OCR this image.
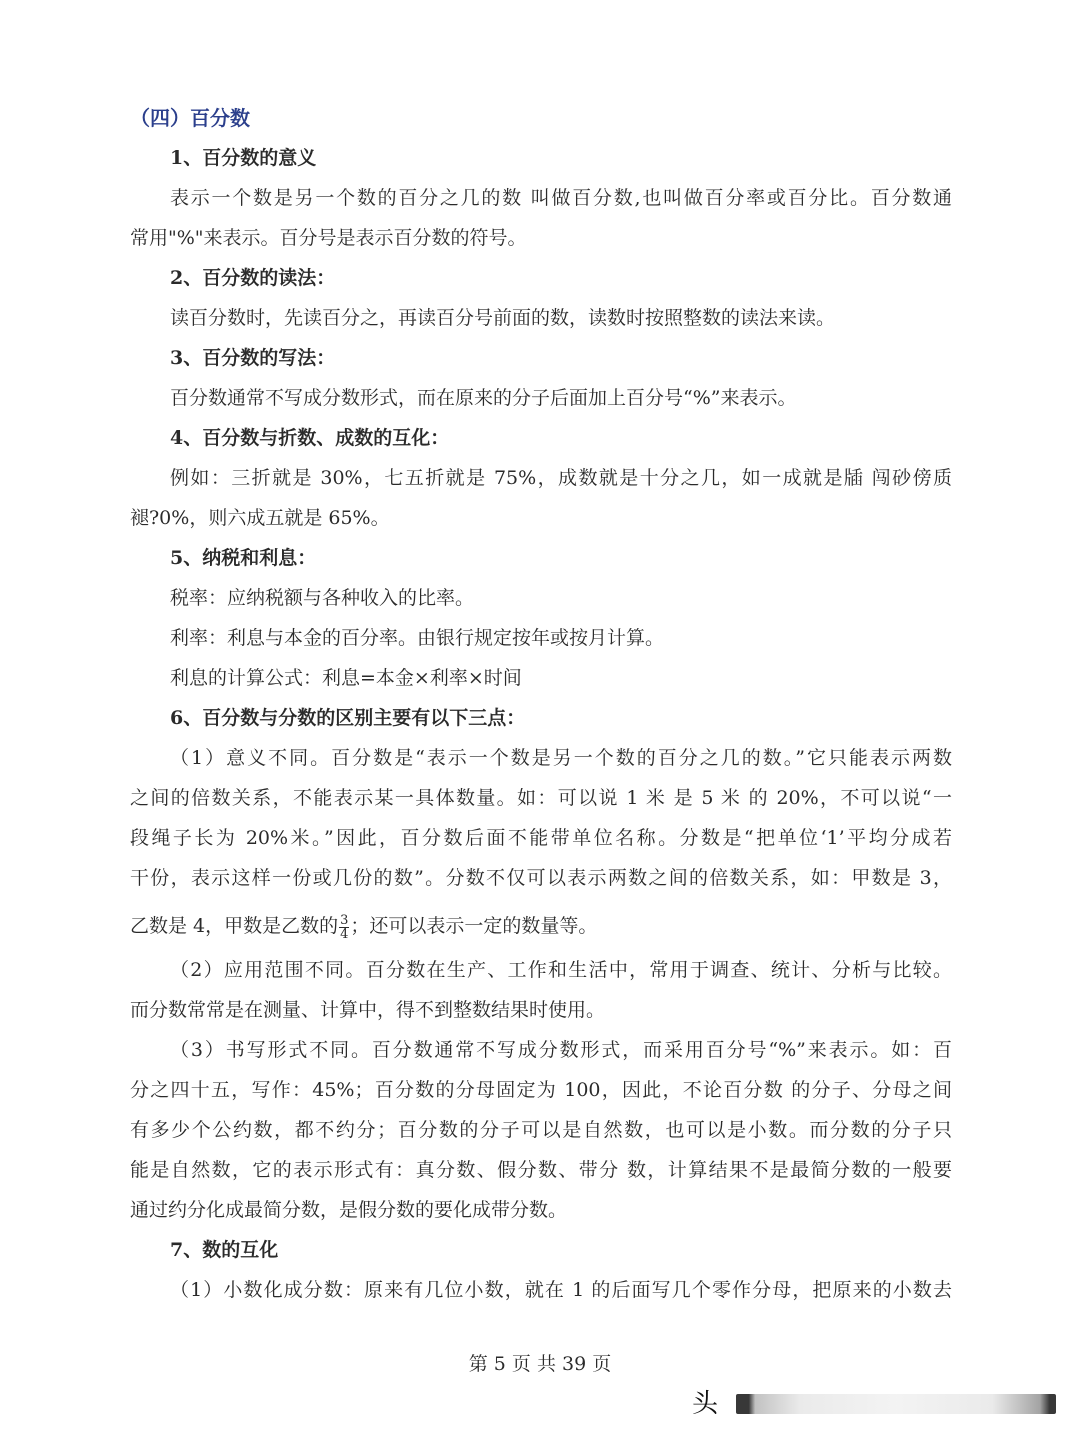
（四）百分数
1、百分数的意义
表示一个数是另一个数的百分之几的数 叫做百分数,也叫做百分率或百分比。百分数通
常用"%"来表示。百分号是表示百分数的符号。
2、百分数的读法：
读百分数时，先读百分之，再读百分号前面的数，读数时按照整数的读法来读。
3、百分数的写法：
百分数通常不写成分数形式，而在原来的分子后面加上百分号“%”来表示。
4、百分数与折数、成数的互化：
例如：三折就是 30%，七五折就是 75%，成数就是十分之几，如一成就是牐 闯砂傍质
褪?0%，则六成五就是 65%。
5、纳税和利息：
税率：应纳税额与各种收入的比率。
利率：利息与本金的百分率。由银行规定按年或按月计算。
利息的计算公式：利息=本金×利率×时间
6、百分数与分数的区别主要有以下三点：
（1）意义不同。百分数是“表示一个数是另一个数的百分之几的数。”它只能表示两数
之间的倍数关系，不能表示某一具体数量。如：可以说 1 米 是 5 米 的 20%，不可以说“一
段绳子长为 20%米。”因此，百分数后面不能带单位名称。分数是“把单位‘1’平均分成若
干份，表示这样一份或几份的数”。分数不仅可以表示两数之间的倍数关系，如：甲数是 3，
乙数是 4，甲数是乙数的 $\frac{3}{4}$ ；还可以表示一定的数量等。
（2）应用范围不同。百分数在生产、工作和生活中，常用于调查、统计、分析与比较。
而分数常常是在测量、计算中，得不到整数结果时使用。
（3）书写形式不同。百分数通常不写成分数形式，而采用百分号“%”来表示。如：百
分之四十五，写作：45%；百分数的分母固定为 100，因此，不论百分数 的分子、分母之间
有多少个公约数，都不约分；百分数的分子可以是自然数，也可以是小数。而分数的分子只
能是自然数，它的表示形式有：真分数、假分数、带分 数，计算结果不是最简分数的一般要
通过约分化成最简分数，是假分数的要化成带分数。
7、数的互化
（1）小数化成分数：原来有几位小数，就在 1 的后面写几个零作分母，把原来的小数去
第 5 页 共 39 页
头
